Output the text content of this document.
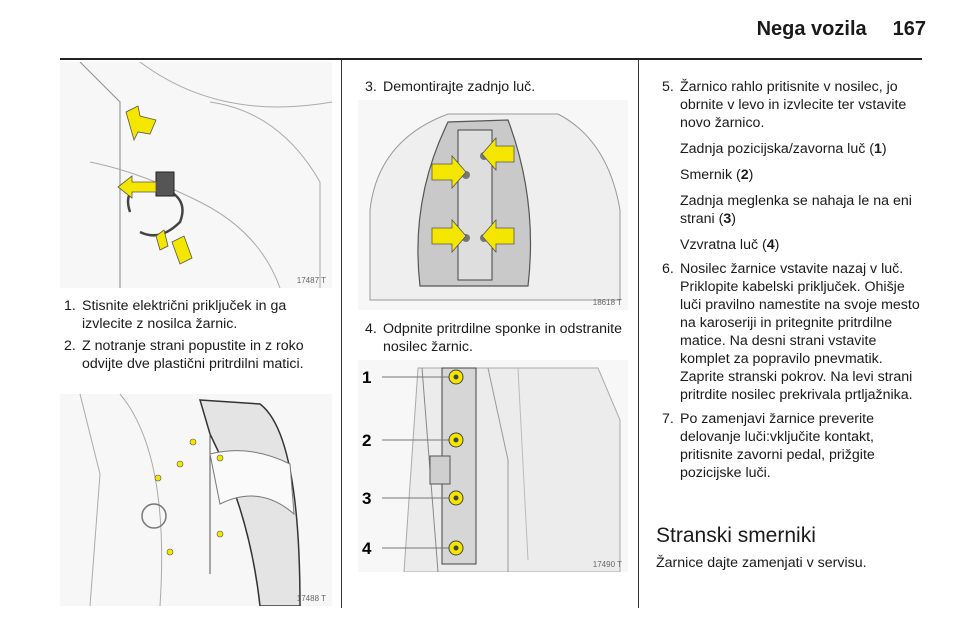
Nega vozila 167
17487 T
1. Stisnite električni priključek in ga izvlecite z nosilca žarnic.
2. Z notranje strani popustite in z roko odvijte dve plastični pritrdilni matici.
17488 T
3. Demontirajte zadnjo luč.
18618 T
4. Odpnite pritrdilne sponke in odstranite nosilec žarnic.
1
2
3
4
17490 T
5. Žarnico rahlo pritisnite v nosilec, jo obrnite v levo in izvlecite ter vstavite novo žarnico.
Zadnja pozicijska/zavorna luč (1)
Smernik (2)
Zadnja meglenka se nahaja le na eni strani (3)
Vzvratna luč (4)
6. Nosilec žarnice vstavite nazaj v luč. Priklopite kabelski priključek. Ohišje luči pravilno namestite na svoje mesto na karoseriji in pritegnite pritrdilne matice. Na desni strani vstavite komplet za popravilo pnevmatik. Zaprite stranski pokrov. Na levi strani pritrdite nosilec prekrivala prtljažnika.
7. Po zamenjavi žarnice preverite delovanje luči:vključite kontakt, pritisnite zavorni pedal, prižgite pozicijske luči.
Stranski smerniki
Žarnice dajte zamenjati v servisu.
